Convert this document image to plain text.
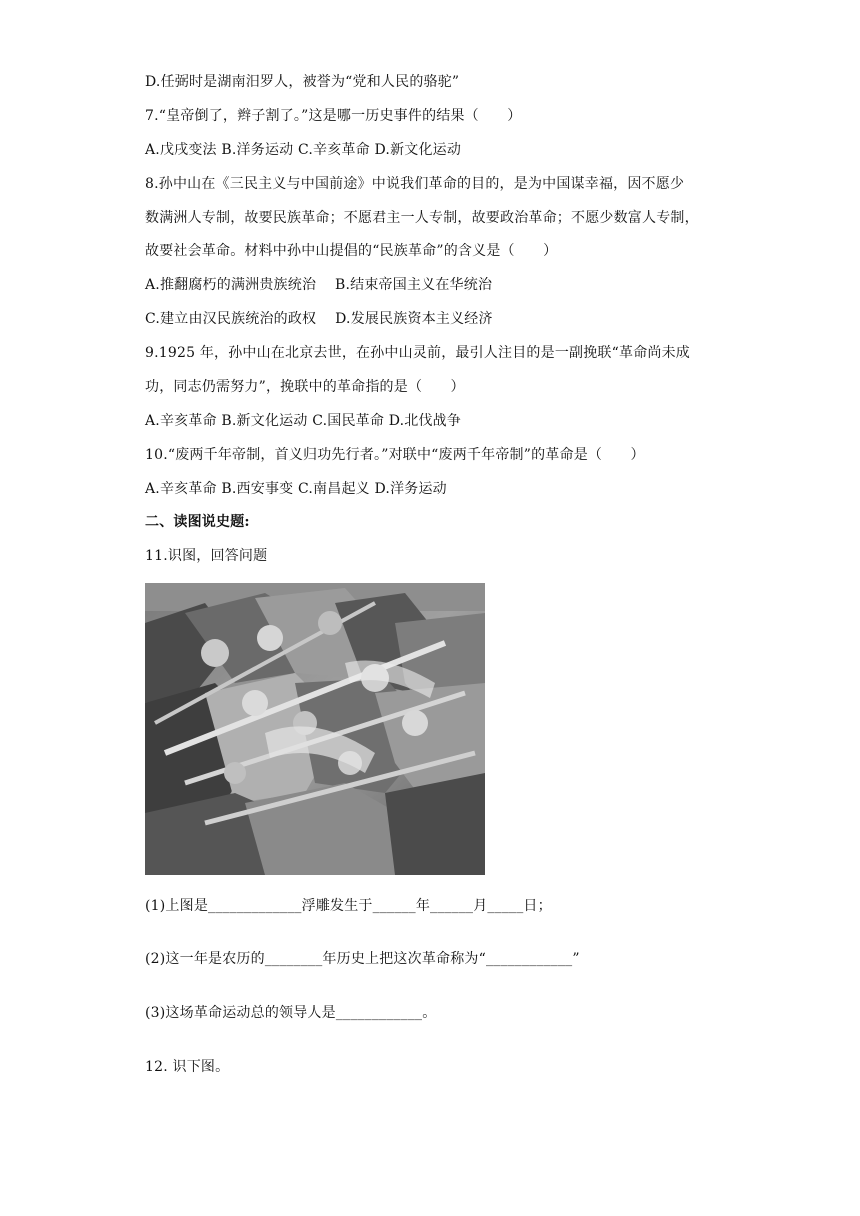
D.任弼时是湖南汨罗人，被誉为“党和人民的骆驼”
7.“皇帝倒了，辫子割了。”这是哪一历史事件的结果（　　）
A.戊戌变法 B.洋务运动 C.辛亥革命 D.新文化运动
8.孙中山在《三民主义与中国前途》中说我们革命的目的，是为中国谋幸福，因不愿少
数满洲人专制，故要民族革命；不愿君主一人专制，故要政治革命；不愿少数富人专制，
故要社会革命。材料中孙中山提倡的“民族革命”的含义是（　　）
A.推翻腐朽的满洲贵族统治　 B.结束帝国主义在华统治
C.建立由汉民族统治的政权　 D.发展民族资本主义经济
9.1925 年，孙中山在北京去世，在孙中山灵前，最引人注目的是一副挽联“革命尚未成
功，同志仍需努力”，挽联中的革命指的是（　　）
A.辛亥革命 B.新文化运动 C.国民革命 D.北伐战争
10.“废两千年帝制，首义归功先行者。”对联中“废两千年帝制”的革命是（　　）
A.辛亥革命 B.西安事变 C.南昌起义 D.洋务运动
二、读图说史题:
11.识图，回答问题
(1)上图是_____________浮雕发生于______年______月_____日；
(2)这一年是农历的________年历史上把这次革命称为“____________”
(3)这场革命运动总的领导人是____________。
12. 识下图。
